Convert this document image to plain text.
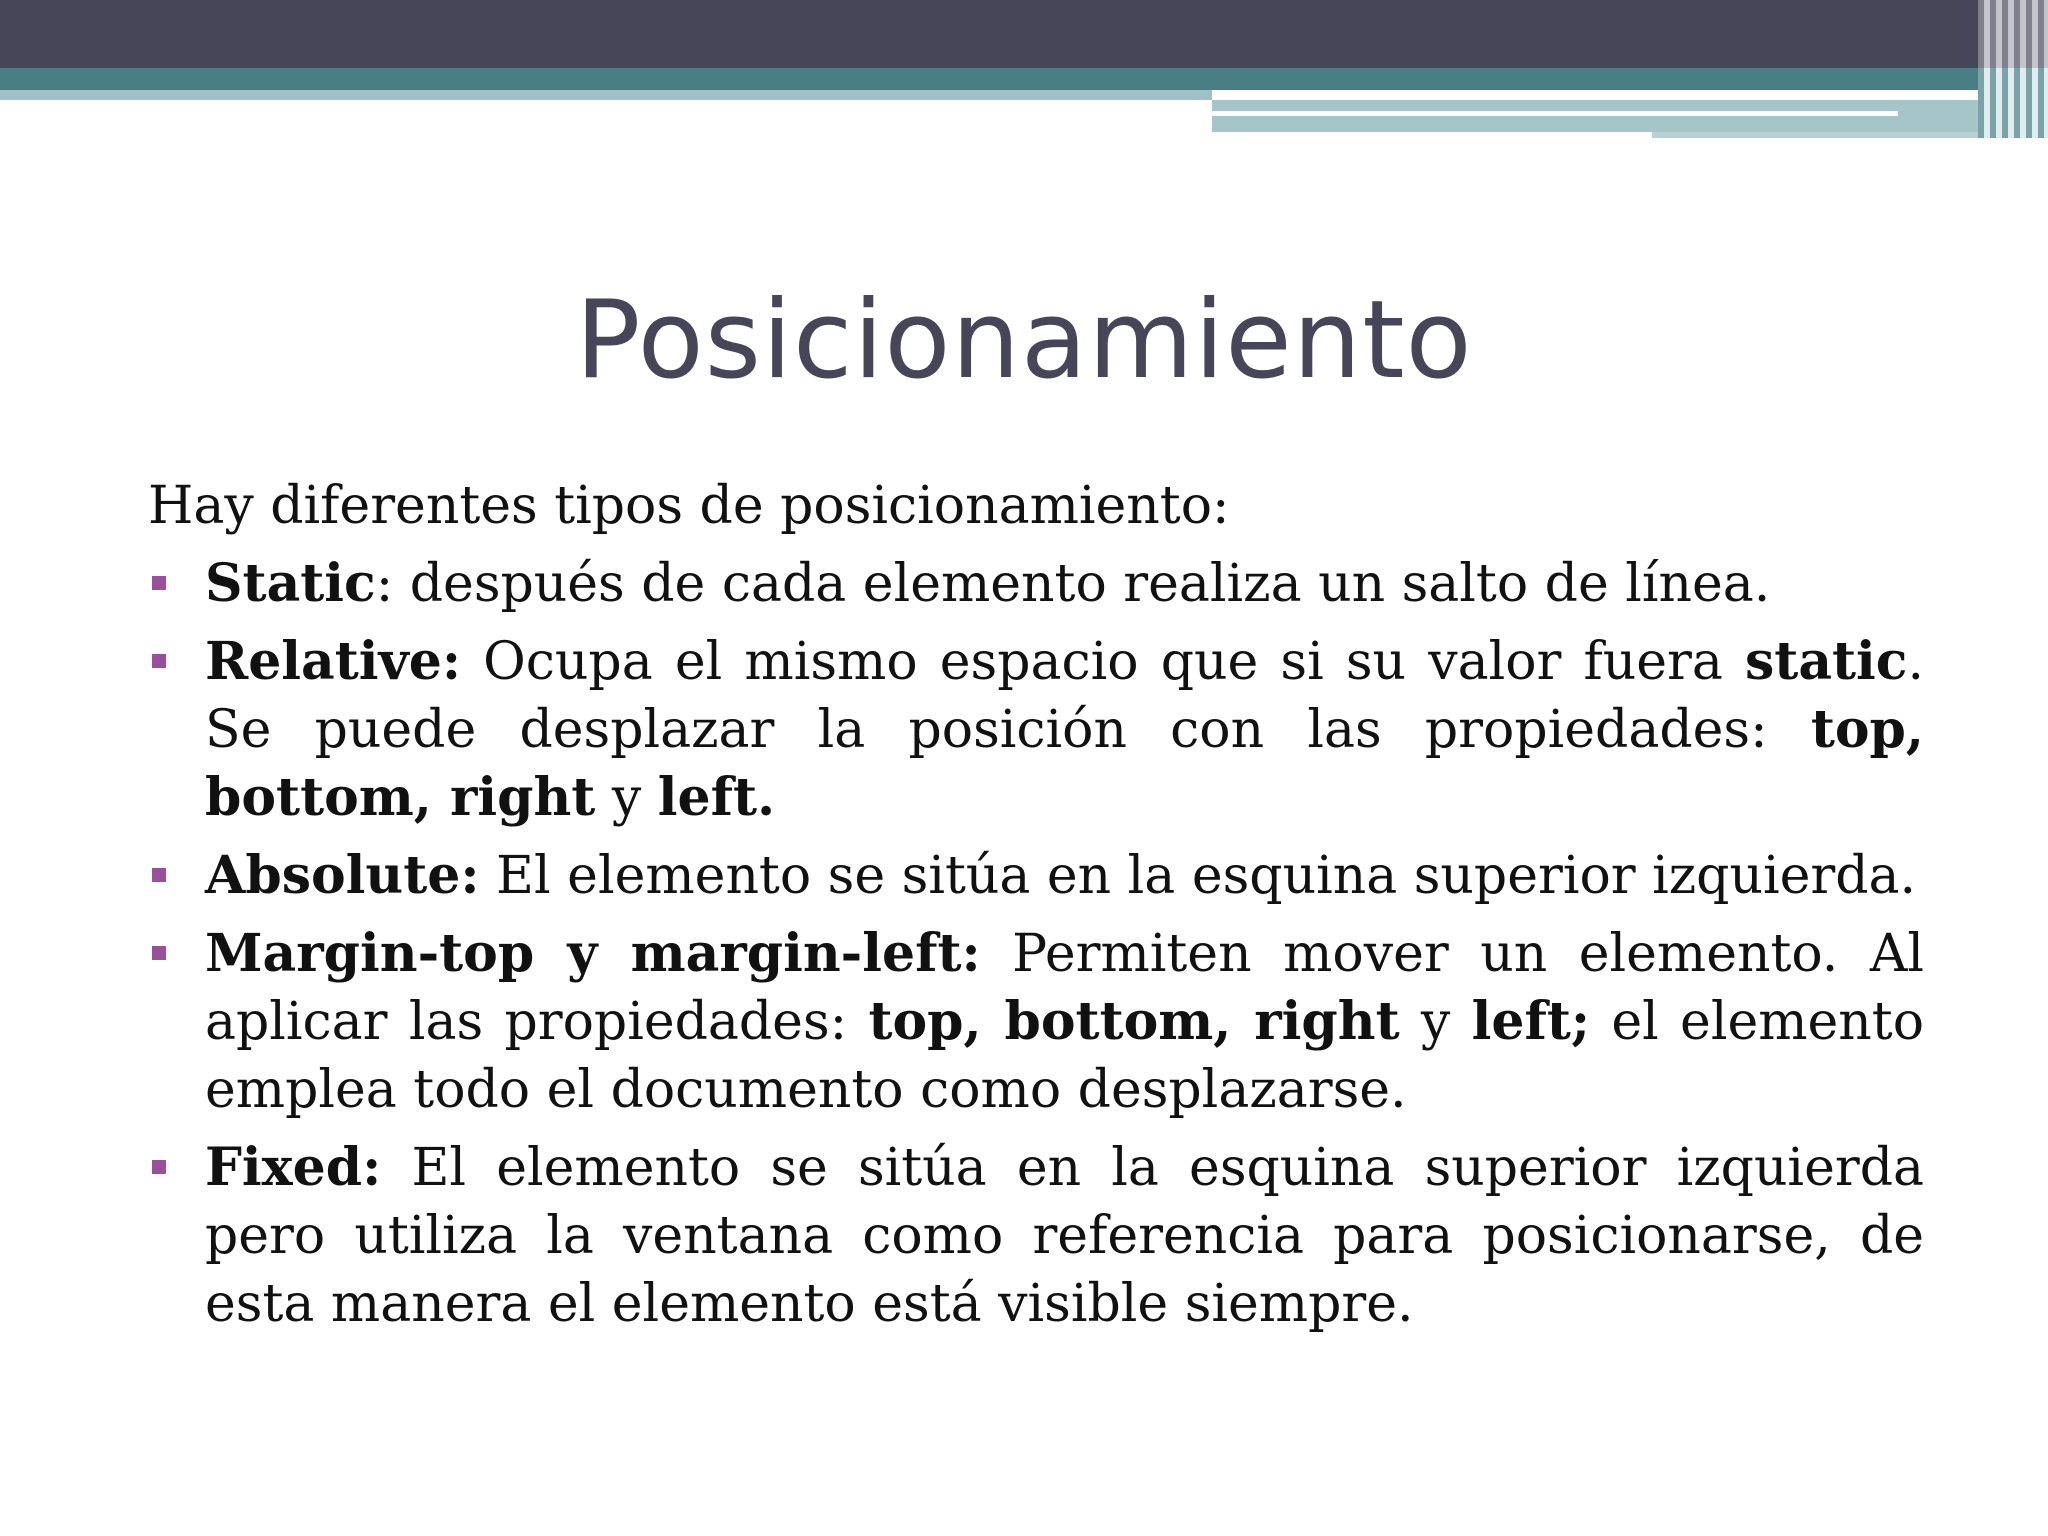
Posicionamiento

Hay diferentes tipos de posicionamiento:

Static: después de cada elemento realiza un salto de línea.
Relative: Ocupa el mismo espacio que si su valor fuera static. Se puede desplazar la posición con las propiedades: top, bottom, right y left.
Absolute: El elemento se sitúa en la esquina superior izquierda.
Margin-top y margin-left: Permiten mover un elemento. Al aplicar las propiedades: top, bottom, right y left; el elemento emplea todo el documento como desplazarse.
Fixed: El elemento se sitúa en la esquina superior izquierda pero utiliza la ventana como referencia para posicionarse, de esta manera el elemento está visible siempre.
